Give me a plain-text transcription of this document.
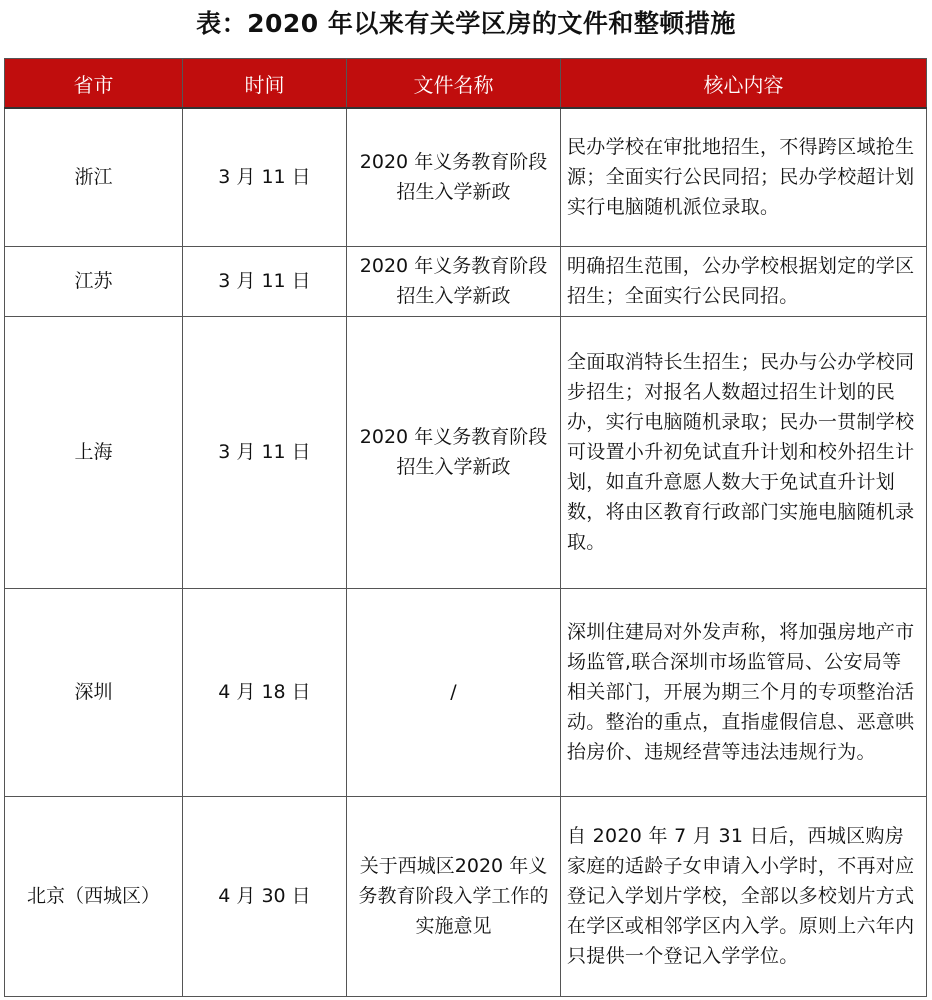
表：2020 年以来有关学区房的文件和整顿措施
省市	时间	文件名称	核心内容
浙江	3 月 11 日	2020 年义务教育阶段招生入学新政	民办学校在审批地招生，不得跨区域抢生源；全面实行公民同招；民办学校超计划实行电脑随机派位录取。
江苏	3 月 11 日	2020 年义务教育阶段招生入学新政	明确招生范围，公办学校根据划定的学区招生；全面实行公民同招。
上海	3 月 11 日	2020 年义务教育阶段招生入学新政	全面取消特长生招生；民办与公办学校同步招生；对报名人数超过招生计划的民办，实行电脑随机录取；民办一贯制学校可设置小升初免试直升计划和校外招生计划，如直升意愿人数大于免试直升计划数，将由区教育行政部门实施电脑随机录取。
深圳	4 月 18 日	/	深圳住建局对外发声称，将加强房地产市场监管,联合深圳市场监管局、公安局等相关部门，开展为期三个月的专项整治活动。整治的重点，直指虚假信息、恶意哄抬房价、违规经营等违法违规行为。
北京（西城区）	4 月 30 日	关于西城区2020 年义务教育阶段入学工作的实施意见	自 2020 年 7 月 31 日后，西城区购房家庭的适龄子女申请入小学时，不再对应登记入学划片学校，全部以多校划片方式在学区或相邻学区内入学。原则上六年内只提供一个登记入学学位。
